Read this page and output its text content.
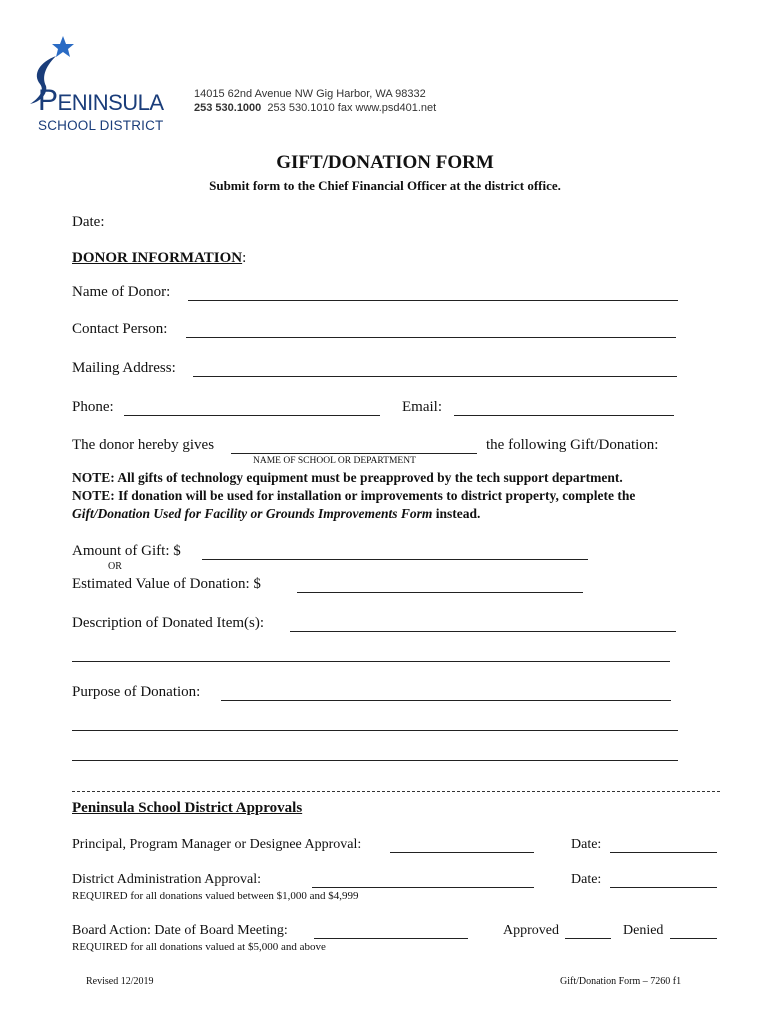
PENINSULA
SCHOOL DISTRICT
14015 62nd Avenue NW Gig Harbor, WA 98332
253 530.1000 253 530.1010 fax www.psd401.net
GIFT/DONATION FORM
Submit form to the Chief Financial Officer at the district office.
Date:
DONOR INFORMATION:
Name of Donor:
Contact Person:
Mailing Address:
Phone:	Email:
The donor hereby gives	the following Gift/Donation:
NAME OF SCHOOL OR DEPARTMENT
NOTE: All gifts of technology equipment must be preapproved by the tech support department.
NOTE: If donation will be used for installation or improvements to district property, complete the
Gift/Donation Used for Facility or Grounds Improvements Form instead.
Amount of Gift: $
OR
Estimated Value of Donation: $
Description of Donated Item(s):
Purpose of Donation:
Peninsula School District Approvals
Principal, Program Manager or Designee Approval:	Date:
District Administration Approval:	Date:
REQUIRED for all donations valued between $1,000 and $4,999
Board Action: Date of Board Meeting:	Approved	Denied
REQUIRED for all donations valued at $5,000 and above
Revised 12/2019	Gift/Donation Form – 7260 f1
